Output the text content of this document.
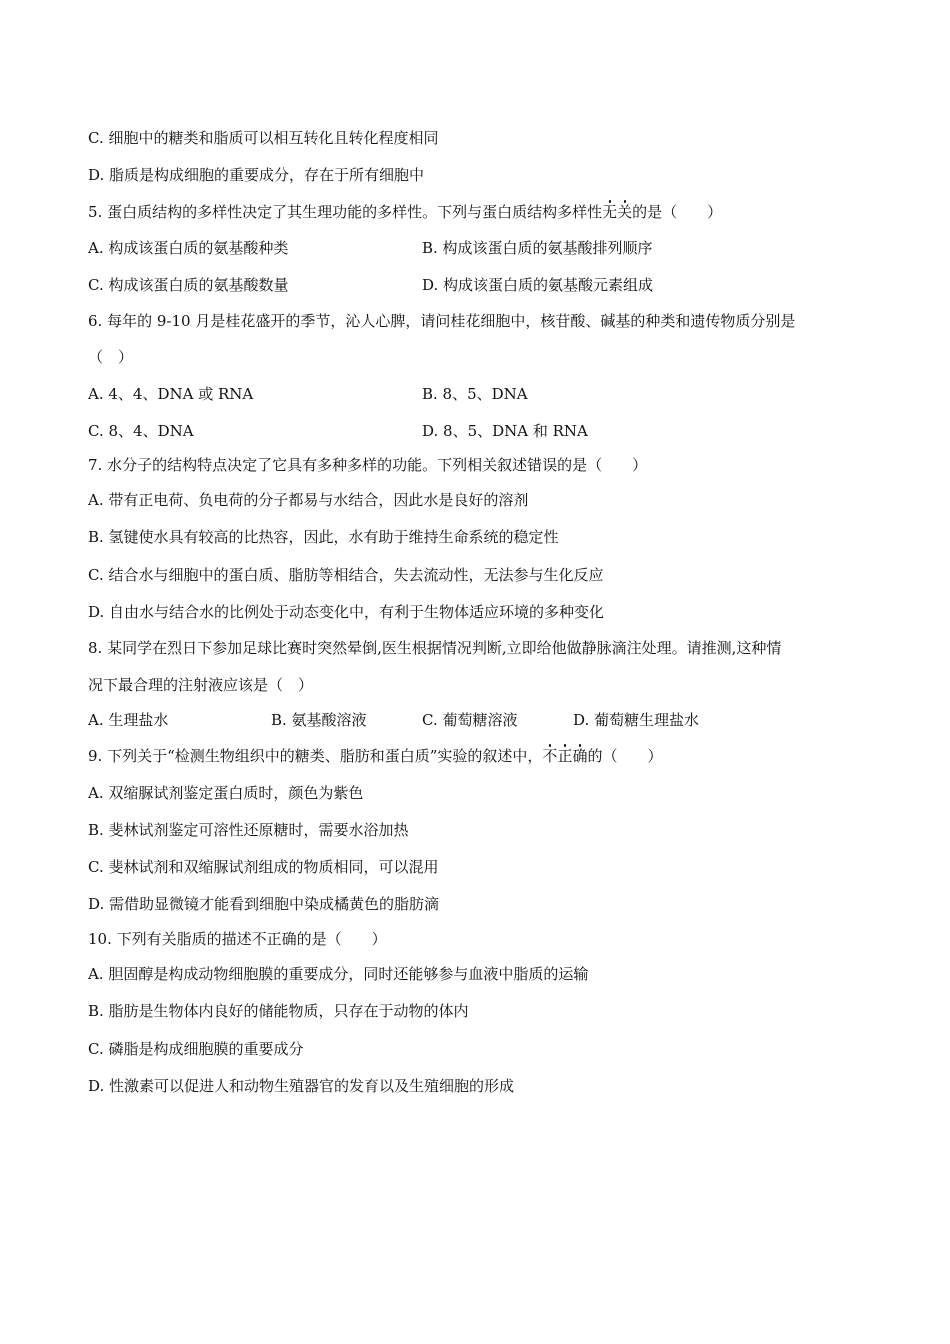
C. 细胞中的糖类和脂质可以相互转化且转化程度相同
D. 脂质是构成细胞的重要成分，存在于所有细胞中
5. 蛋白质结构的多样性决定了其生理功能的多样性。下列与蛋白质结构多样性无关的是（　　）
A. 构成该蛋白质的氨基酸种类	B. 构成该蛋白质的氨基酸排列顺序
C. 构成该蛋白质的氨基酸数量	D. 构成该蛋白质的氨基酸元素组成
6. 每年的 9-10 月是桂花盛开的季节，沁人心脾，请问桂花细胞中，核苷酸、碱基的种类和遗传物质分别是
（　）
A. 4、4、DNA 或 RNA	B. 8、5、DNA
C. 8、4、DNA	D. 8、5、DNA 和 RNA
7. 水分子的结构特点决定了它具有多种多样的功能。下列相关叙述错误的是（　　）
A. 带有正电荷、负电荷的分子都易与水结合，因此水是良好的溶剂
B. 氢键使水具有较高的比热容，因此，水有助于维持生命系统的稳定性
C. 结合水与细胞中的蛋白质、脂肪等相结合，失去流动性，无法参与生化反应
D. 自由水与结合水的比例处于动态变化中，有利于生物体适应环境的多种变化
8. 某同学在烈日下参加足球比赛时突然晕倒,医生根据情况判断,立即给他做静脉滴注处理。请推测,这种情
况下最合理的注射液应该是（　）
A. 生理盐水	B. 氨基酸溶液	C. 葡萄糖溶液	D. 葡萄糖生理盐水
9. 下列关于“检测生物组织中的糖类、脂肪和蛋白质”实验的叙述中，不正确的（　　）
A. 双缩脲试剂鉴定蛋白质时，颜色为紫色
B. 斐林试剂鉴定可溶性还原糖时，需要水浴加热
C. 斐林试剂和双缩脲试剂组成的物质相同，可以混用
D. 需借助显微镜才能看到细胞中染成橘黄色的脂肪滴
10. 下列有关脂质的描述不正确的是（　　）
A. 胆固醇是构成动物细胞膜的重要成分，同时还能够参与血液中脂质的运输
B. 脂肪是生物体内良好的储能物质，只存在于动物的体内
C. 磷脂是构成细胞膜的重要成分
D. 性激素可以促进人和动物生殖器官的发育以及生殖细胞的形成
